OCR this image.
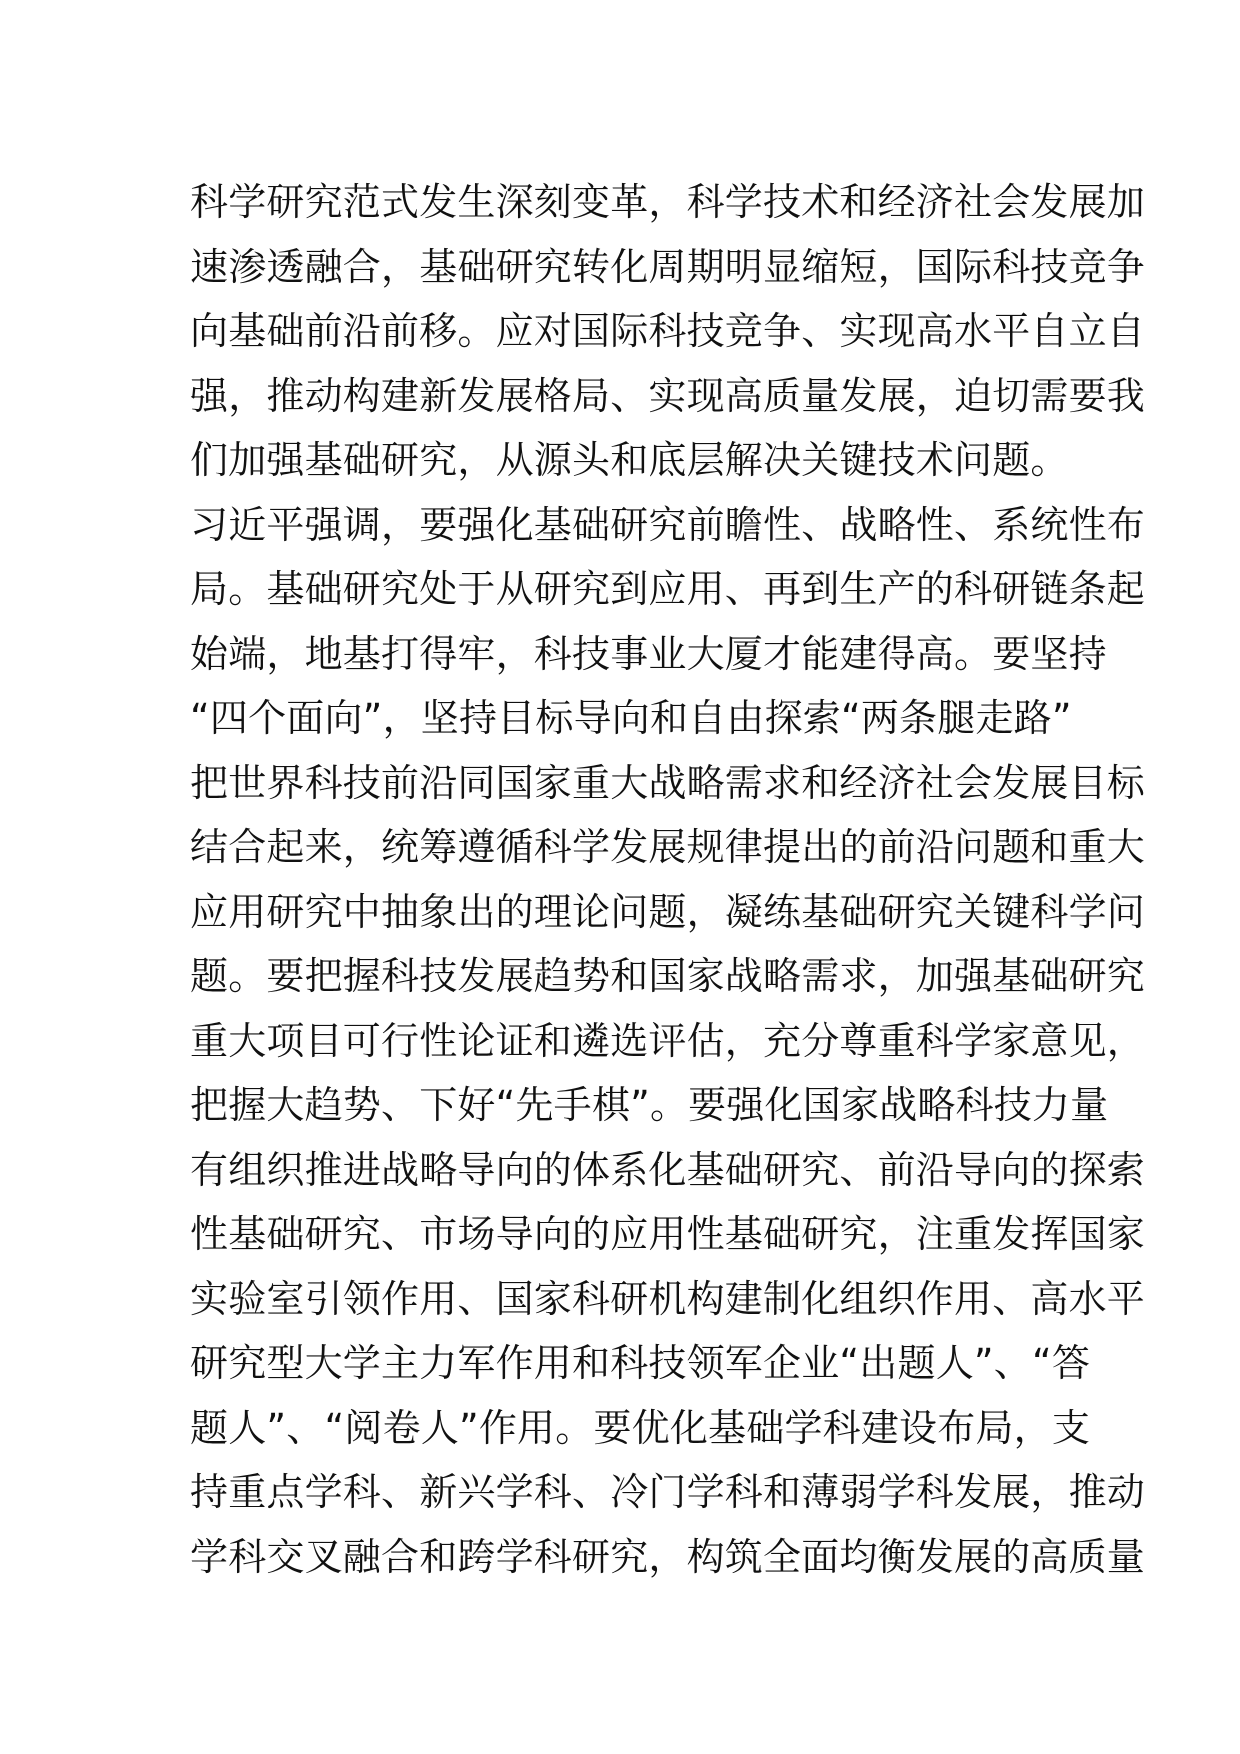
科学研究范式发生深刻变革，科学技术和经济社会发展加
速渗透融合，基础研究转化周期明显缩短，国际科技竞争
向基础前沿前移。应对国际科技竞争、实现高水平自立自
强，推动构建新发展格局、实现高质量发展，迫切需要我
们加强基础研究，从源头和底层解决关键技术问题。
习近平强调，要强化基础研究前瞻性、战略性、系统性布
局。基础研究处于从研究到应用、再到生产的科研链条起
始端，地基打得牢，科技事业大厦才能建得高。要坚持
“四个面向”，坚持目标导向和自由探索“两条腿走路”
把世界科技前沿同国家重大战略需求和经济社会发展目标
结合起来，统筹遵循科学发展规律提出的前沿问题和重大
应用研究中抽象出的理论问题，凝练基础研究关键科学问
题。要把握科技发展趋势和国家战略需求，加强基础研究
重大项目可行性论证和遴选评估，充分尊重科学家意见，
把握大趋势、下好“先手棋”。要强化国家战略科技力量
有组织推进战略导向的体系化基础研究、前沿导向的探索
性基础研究、市场导向的应用性基础研究，注重发挥国家
实验室引领作用、国家科研机构建制化组织作用、高水平
研究型大学主力军作用和科技领军企业“出题人”、“答
题人”、“阅卷人”作用。要优化基础学科建设布局，支
持重点学科、新兴学科、冷门学科和薄弱学科发展，推动
学科交叉融合和跨学科研究，构筑全面均衡发展的高质量
